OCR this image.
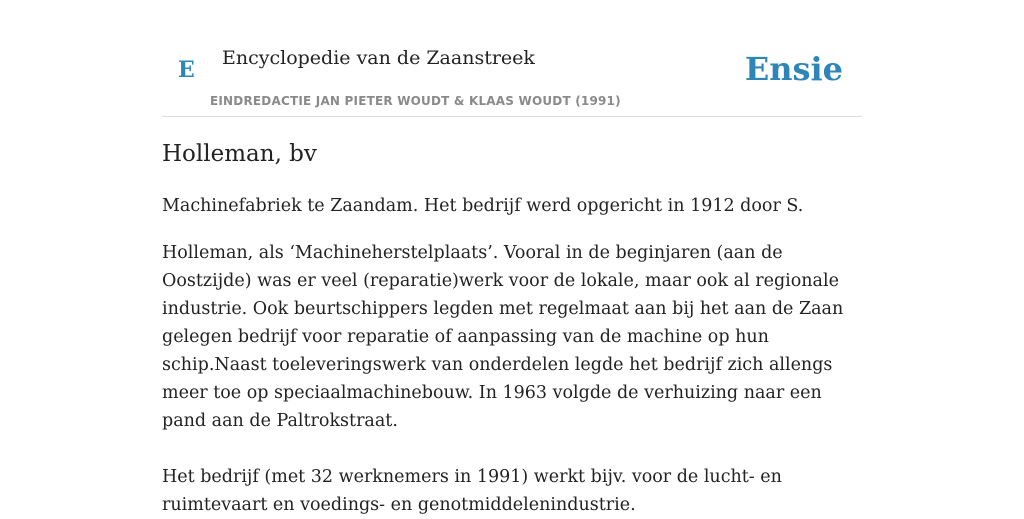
E Encyclopedie van de Zaanstreek
EINDREDACTIE JAN PIETER WOUDT & KLAAS WOUDT (1991)
Ensie
Holleman, bv

Machinefabriek te Zaandam. Het bedrijf werd opgericht in 1912 door S.

Holleman, als ‘Machineherstelplaats’. Vooral in de beginjaren (aan de Oostzijde) was er veel (reparatie)werk voor de lokale, maar ook al regionale industrie. Ook beurtschippers legden met regelmaat aan bij het aan de Zaan gelegen bedrijf voor reparatie of aanpassing van de machine op hun schip.Naast toeleveringswerk van onderdelen legde het bedrijf zich allengs meer toe op speciaalmachinebouw. In 1963 volgde de verhuizing naar een pand aan de Paltrokstraat.

Het bedrijf (met 32 werknemers in 1991) werkt bijv. voor de lucht- en ruimtevaart en voedings- en genotmiddelenindustrie.
